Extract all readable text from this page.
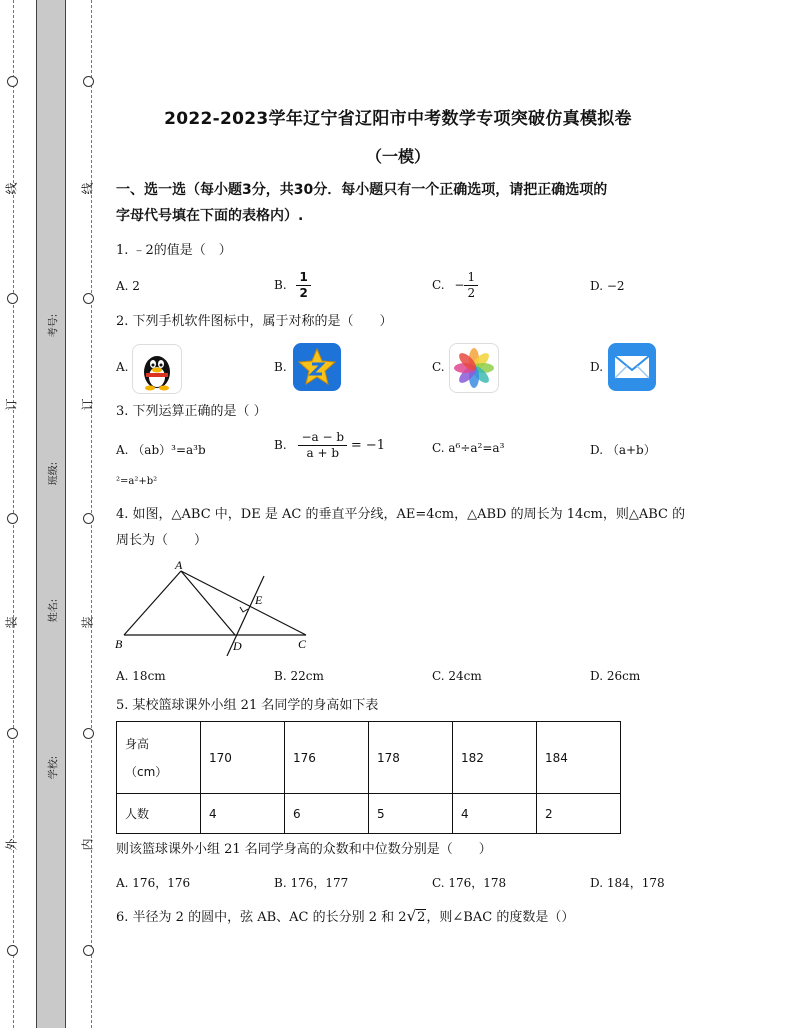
线
订
装
外
线
订
装
内
考号:
班级:
姓名:
学校:
2022-2023学年辽宁省辽阳市中考数学专项突破仿真模拟卷
（一模）
一、选一选（每小题3分，共30分．每小题只有一个正确选项，请把正确选项的
字母代号填在下面的表格内）.
1. ﹣2的值是（　）
A. 2	B. $\frac{1}{2}$	C. − $\frac{1}{2}$	D. −2
2. 下列手机软件图标中，属于对称的是（　　）
A.	B.	C.	D.
3. 下列运算正确的是（ ）
A. （ab）³=a³b	B. $\frac{-a - b}{a + b} = -1$	C. a⁶÷a²=a³	D. （a+b）
²=a²+b²
4. 如图，△ABC 中，DE 是 AC 的垂直平分线，AE=4cm，△ABD 的周长为 14cm，则△ABC 的
周长为（　　）
A
B	C
D
E
A. 18cm	B. 22cm	C. 24cm	D. 26cm
5. 某校篮球课外小组 21 名同学的身高如下表
身高
（cm）	170	176	178	182	184
人数	4	6	5	4	2
则该篮球课外小组 21 名同学身高的众数和中位数分别是（　　）
A. 176，176	B. 176，177	C. 176，178	D. 184，178
6. 半径为 2 的圆中，弦 AB、AC 的长分别 2 和 2√2，则∠BAC 的度数是（）
